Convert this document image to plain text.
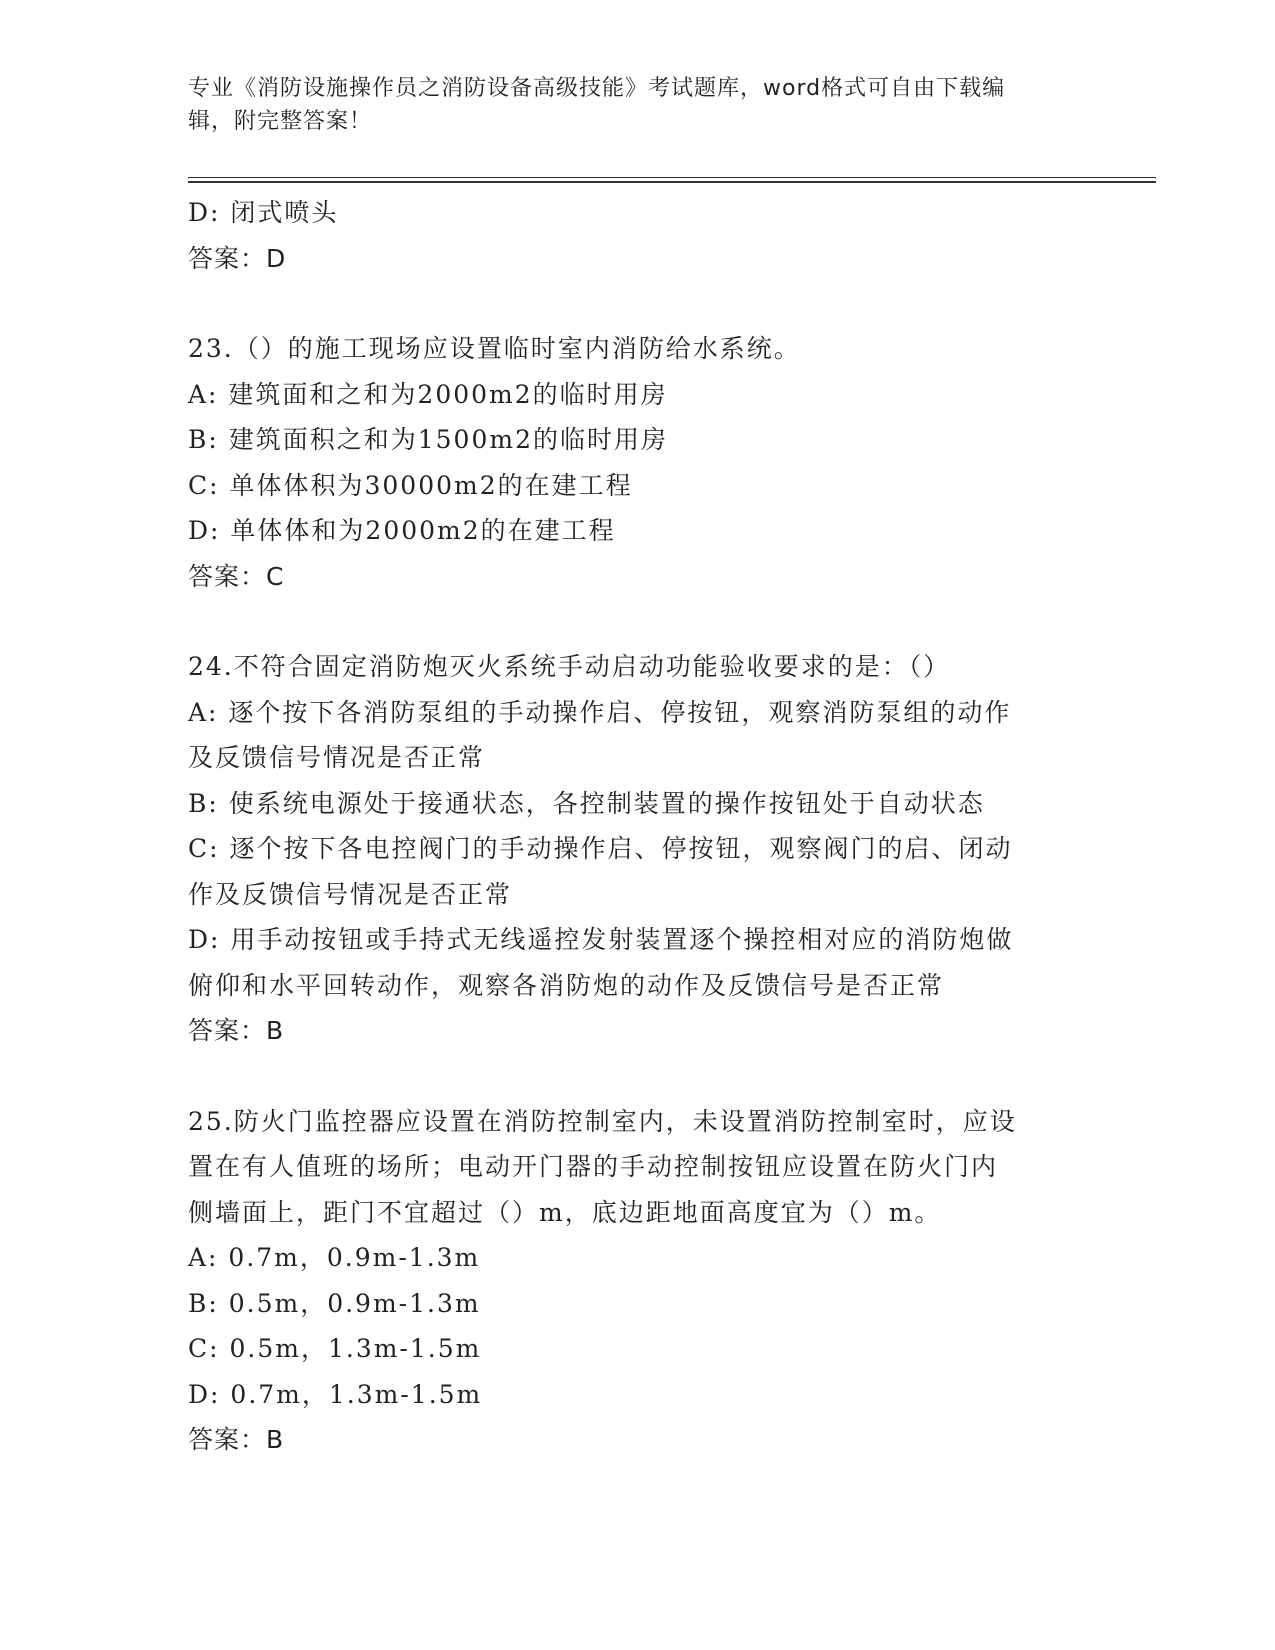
专业《消防设施操作员之消防设备高级技能》考试题库，word格式可自由下载编
辑，附完整答案！
D: 闭式喷头
答案：D
23.（）的施工现场应设置临时室内消防给水系统。
A: 建筑面和之和为2000m2的临时用房
B: 建筑面积之和为1500m2的临时用房
C: 单体体积为30000m2的在建工程
D: 单体体和为2000m2的在建工程
答案：C
24.不符合固定消防炮灭火系统手动启动功能验收要求的是：（）
A: 逐个按下各消防泵组的手动操作启、停按钮，观察消防泵组的动作
及反馈信号情况是否正常
B: 使系统电源处于接通状态，各控制装置的操作按钮处于自动状态
C: 逐个按下各电控阀门的手动操作启、停按钮，观察阀门的启、闭动
作及反馈信号情况是否正常
D: 用手动按钮或手持式无线遥控发射装置逐个操控相对应的消防炮做
俯仰和水平回转动作，观察各消防炮的动作及反馈信号是否正常
答案：B
25.防火门监控器应设置在消防控制室内，未设置消防控制室时，应设
置在有人值班的场所；电动开门器的手动控制按钮应设置在防火门内
侧墙面上，距门不宜超过（）m，底边距地面高度宜为（）m。
A: 0.7m，0.9m-1.3m
B: 0.5m，0.9m-1.3m
C: 0.5m，1.3m-1.5m
D: 0.7m，1.3m-1.5m
答案：B
